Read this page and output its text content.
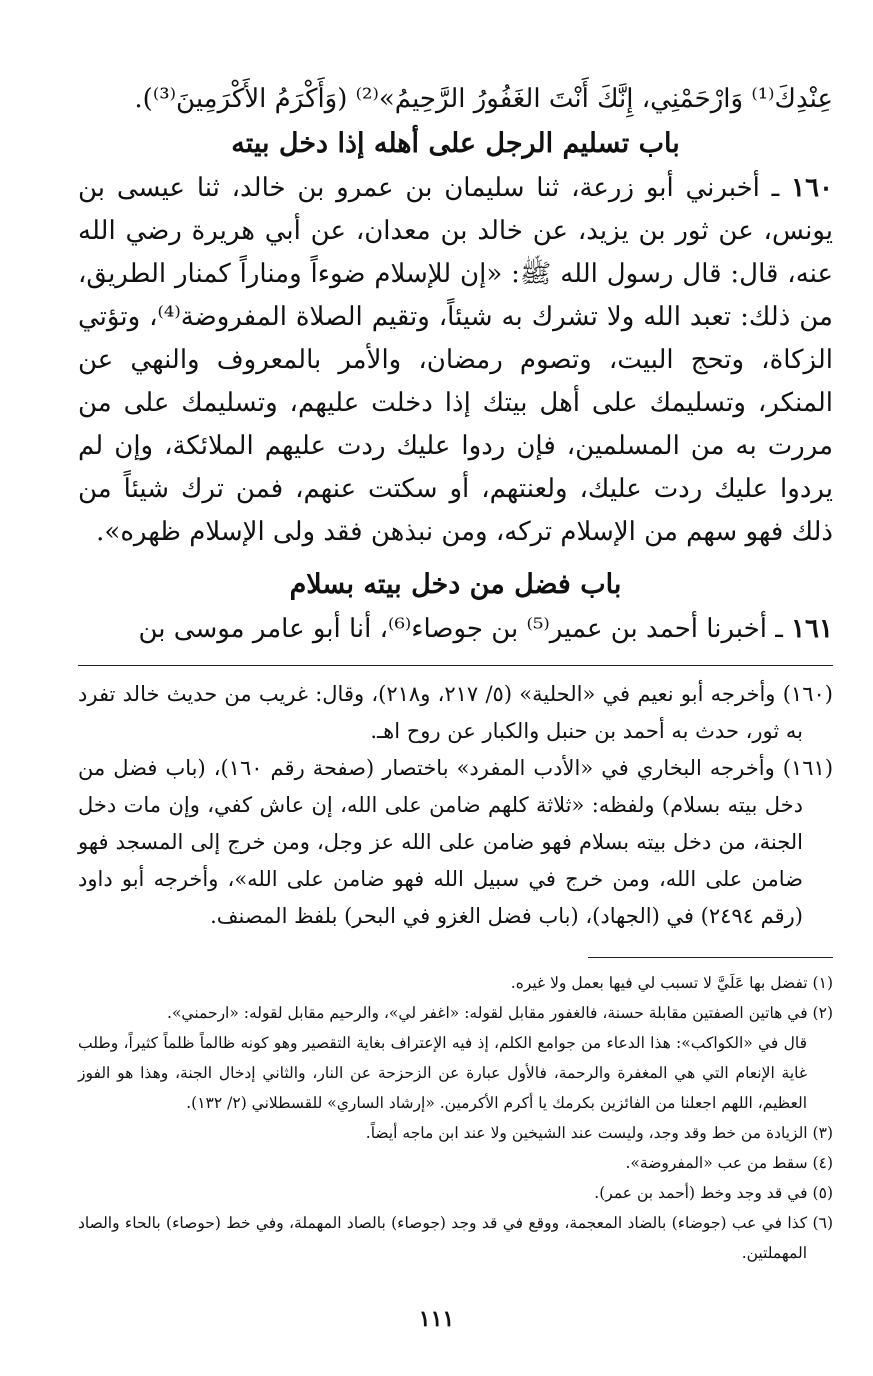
عِنْدِكَ⁽¹⁾ وَارْحَمْنِي، إِنَّكَ أَنْتَ الغَفُورُ الرَّحِيمُ»⁽²⁾ (وَأَكْرَمُ الأَكْرَمِينَ⁽³⁾).

باب تسليم الرجل على أهله إذا دخل بيته

١٦٠ ـ أخبرني أبو زرعة، ثنا سليمان بن عمرو بن خالد، ثنا عيسى بن يونس، عن ثور بن يزيد، عن خالد بن معدان، عن أبي هريرة رضي الله عنه، قال: قال رسول الله ﷺ: «إن للإسلام ضوءاً ومناراً كمنار الطريق، من ذلك: تعبد الله ولا تشرك به شيئاً، وتقيم الصلاة المفروضة⁽⁴⁾، وتؤتي الزكاة، وتحج البيت، وتصوم رمضان، والأمر بالمعروف والنهي عن المنكر، وتسليمك على أهل بيتك إذا دخلت عليهم، وتسليمك على من مررت به من المسلمين، فإن ردوا عليك ردت عليهم الملائكة، وإن لم يردوا عليك ردت عليك، ولعنتهم، أو سكتت عنهم، فمن ترك شيئاً من ذلك فهو سهم من الإسلام تركه، ومن نبذهن فقد ولى الإسلام ظهره».

باب فضل من دخل بيته بسلام

١٦١ ـ أخبرنا أحمد بن عمير⁽⁵⁾ بن جوصاء⁽⁶⁾، أنا أبو عامر موسى بن

(١٦٠) وأخرجه أبو نعيم في «الحلية» (٥/ ٢١٧، و٢١٨)، وقال: غريب من حديث خالد تفرد به ثور، حدث به أحمد بن حنبل والكبار عن روح اهـ.

(١٦١) وأخرجه البخاري في «الأدب المفرد» باختصار (صفحة رقم ١٦٠)، (باب فضل من دخل بيته بسلام) ولفظه: «ثلاثة كلهم ضامن على الله، إن عاش كفي، وإن مات دخل الجنة، من دخل بيته بسلام فهو ضامن على الله عز وجل، ومن خرج إلى المسجد فهو ضامن على الله، ومن خرج في سبيل الله فهو ضامن على الله»، وأخرجه أبو داود (رقم ٢٤٩٤) في (الجهاد)، (باب فضل الغزو في البحر) بلفظ المصنف.

(١) تفضل بها عَلَيَّ لا تسبب لي فيها بعمل ولا غيره.

(٢) في هاتين الصفتين مقابلة حسنة، فالغفور مقابل لقوله: «اغفر لي»، والرحيم مقابل لقوله: «ارحمني».

قال في «الكواكب»: هذا الدعاء من جوامع الكلم، إذ فيه الإعتراف بغاية التقصير وهو كونه ظالماً ظلماً كثيراً، وطلب غاية الإنعام التي هي المغفرة والرحمة، فالأول عبارة عن الزحزحة عن النار، والثاني إدخال الجنة، وهذا هو الفوز العظيم، اللهم اجعلنا من الفائزين بكرمك يا أكرم الأكرمين. «إرشاد الساري» للقسطلاني (٢/ ١٣٢).

(٣) الزيادة من خط وقد وجد، وليست عند الشيخين ولا عند ابن ماجه أيضاً.

(٤) سقط من عب «المفروضة».

(٥) في قد وجد وخط (أحمد بن عمر).

(٦) كذا في عب (جوضاء) بالضاد المعجمة، ووقع في قد وجد (جوصاء) بالصاد المهملة، وفي خط (حوصاء) بالحاء والصاد المهملتين.

١١١
